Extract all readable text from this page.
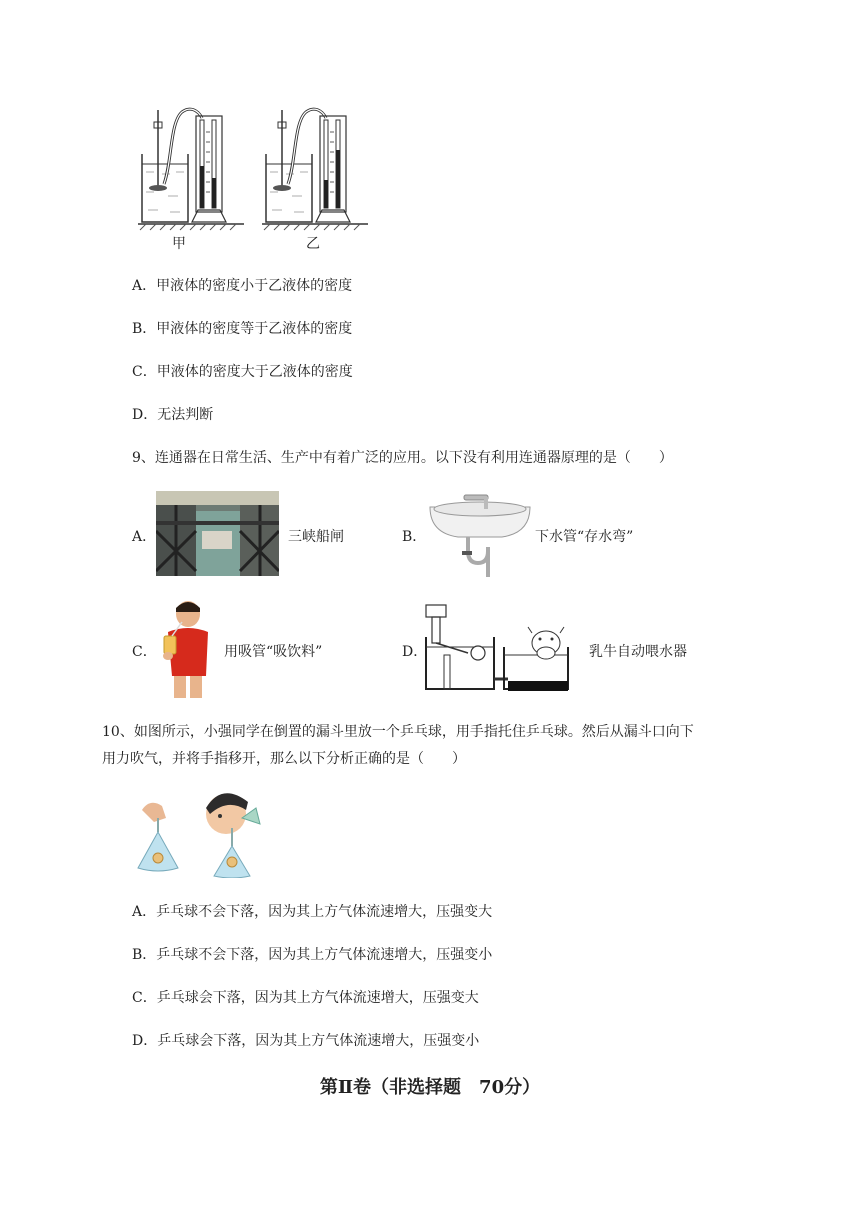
甲	乙
A．甲液体的密度小于乙液体的密度
B．甲液体的密度等于乙液体的密度
C．甲液体的密度大于乙液体的密度
D．无法判断
9、连通器在日常生活、生产中有着广泛的应用。以下没有利用连通器原理的是（　　）
A．	三峡船闸	B．	下水管“存水弯”
C．	用吸管“吸饮料”	D．	乳牛自动喂水器
10、如图所示，小强同学在倒置的漏斗里放一个乒乓球，用手指托住乒乓球。然后从漏斗口向下
用力吹气，并将手指移开，那么以下分析正确的是（　　）
A．乒乓球不会下落，因为其上方气体流速增大，压强变大
B．乒乓球不会下落，因为其上方气体流速增大，压强变小
C．乒乓球会下落，因为其上方气体流速增大，压强变大
D．乒乓球会下落，因为其上方气体流速增大，压强变小
第Ⅱ卷（非选择题　70分）
